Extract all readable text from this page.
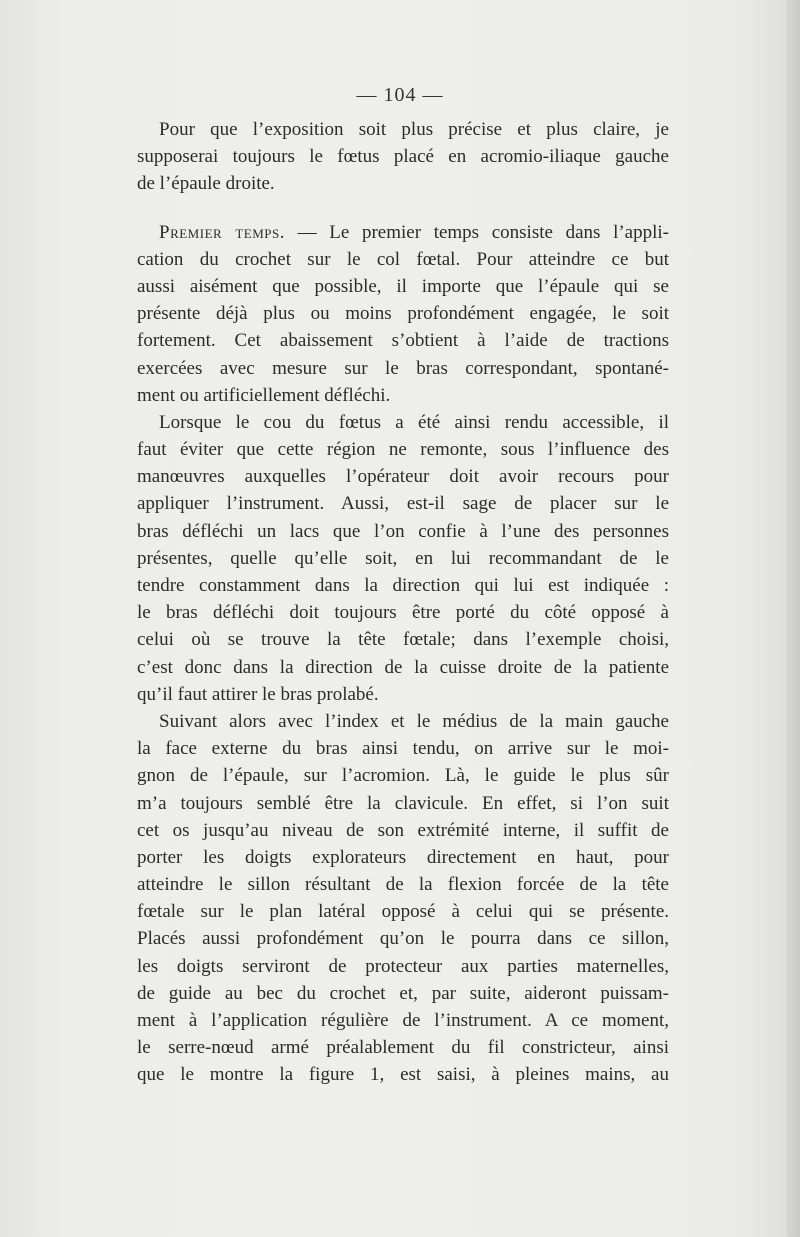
— 104 —
Pour que l’exposition soit plus précise et plus claire, je
supposerai toujours le fœtus placé en acromio-iliaque gauche
de l’épaule droite.
Premier temps. — Le premier temps consiste dans l’appli-
cation du crochet sur le col fœtal. Pour atteindre ce but
aussi aisément que possible, il importe que l’épaule qui se
présente déjà plus ou moins profondément engagée, le soit
fortement. Cet abaissement s’obtient à l’aide de tractions
exercées avec mesure sur le bras correspondant, spontané-
ment ou artificiellement défléchi.
Lorsque le cou du fœtus a été ainsi rendu accessible, il
faut éviter que cette région ne remonte, sous l’influence des
manœuvres auxquelles l’opérateur doit avoir recours pour
appliquer l’instrument. Aussi, est-il sage de placer sur le
bras défléchi un lacs que l’on confie à l’une des personnes
présentes, quelle qu’elle soit, en lui recommandant de le
tendre constamment dans la direction qui lui est indiquée :
le bras défléchi doit toujours être porté du côté opposé à
celui où se trouve la tête fœtale; dans l’exemple choisi,
c’est donc dans la direction de la cuisse droite de la patiente
qu’il faut attirer le bras prolabé.
Suivant alors avec l’index et le médius de la main gauche
la face externe du bras ainsi tendu, on arrive sur le moi-
gnon de l’épaule, sur l’acromion. Là, le guide le plus sûr
m’a toujours semblé être la clavicule. En effet, si l’on suit
cet os jusqu’au niveau de son extrémité interne, il suffit de
porter les doigts explorateurs directement en haut, pour
atteindre le sillon résultant de la flexion forcée de la tête
fœtale sur le plan latéral opposé à celui qui se présente.
Placés aussi profondément qu’on le pourra dans ce sillon,
les doigts serviront de protecteur aux parties maternelles,
de guide au bec du crochet et, par suite, aideront puissam-
ment à l’application régulière de l’instrument. A ce moment,
le serre-nœud armé préalablement du fil constricteur, ainsi
que le montre la figure 1, est saisi, à pleines mains, au
